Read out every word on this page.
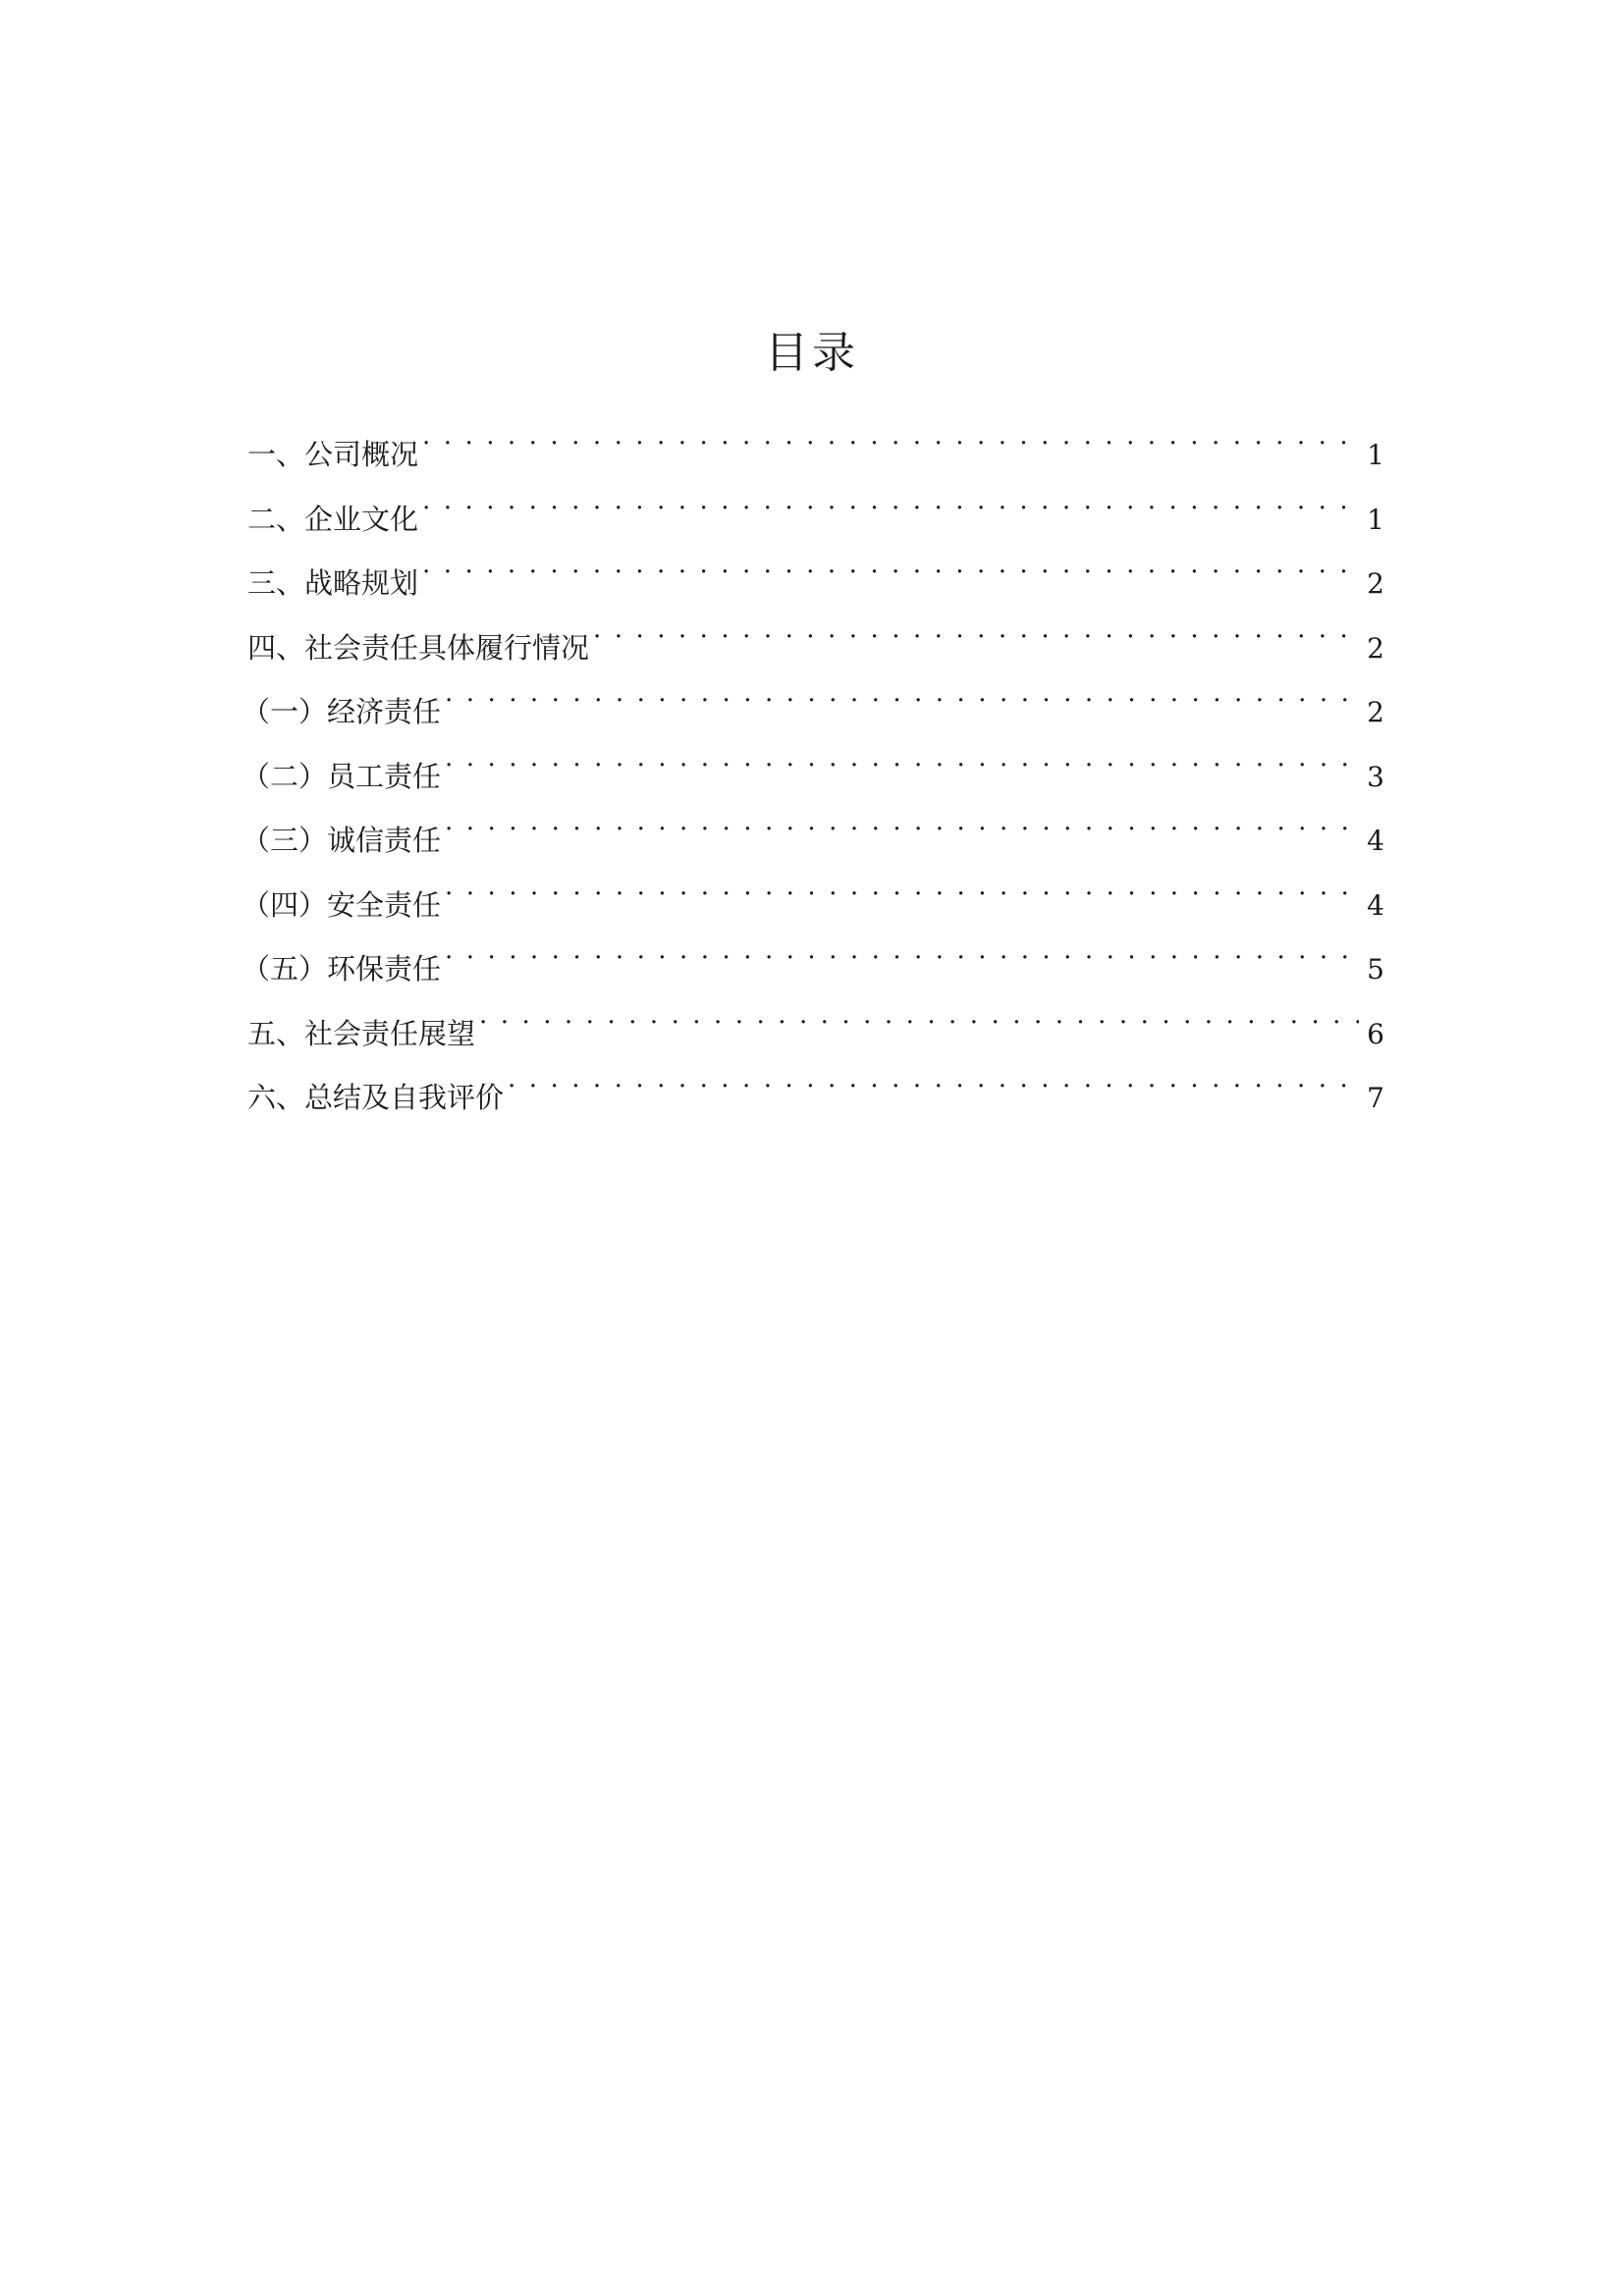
目录
一、公司概况 . . .	1
二、企业文化 . . .	1
三、战略规划 . . .	2
四、社会责任具体履行情况 . . .	2
（一）经济责任 . . .	2
（二）员工责任 . . .	3
（三）诚信责任 . . .	4
（四）安全责任 . . .	4
（五）环保责任 . . .	5
五、社会责任展望 . . .	6
六、总结及自我评价 . . .	7
